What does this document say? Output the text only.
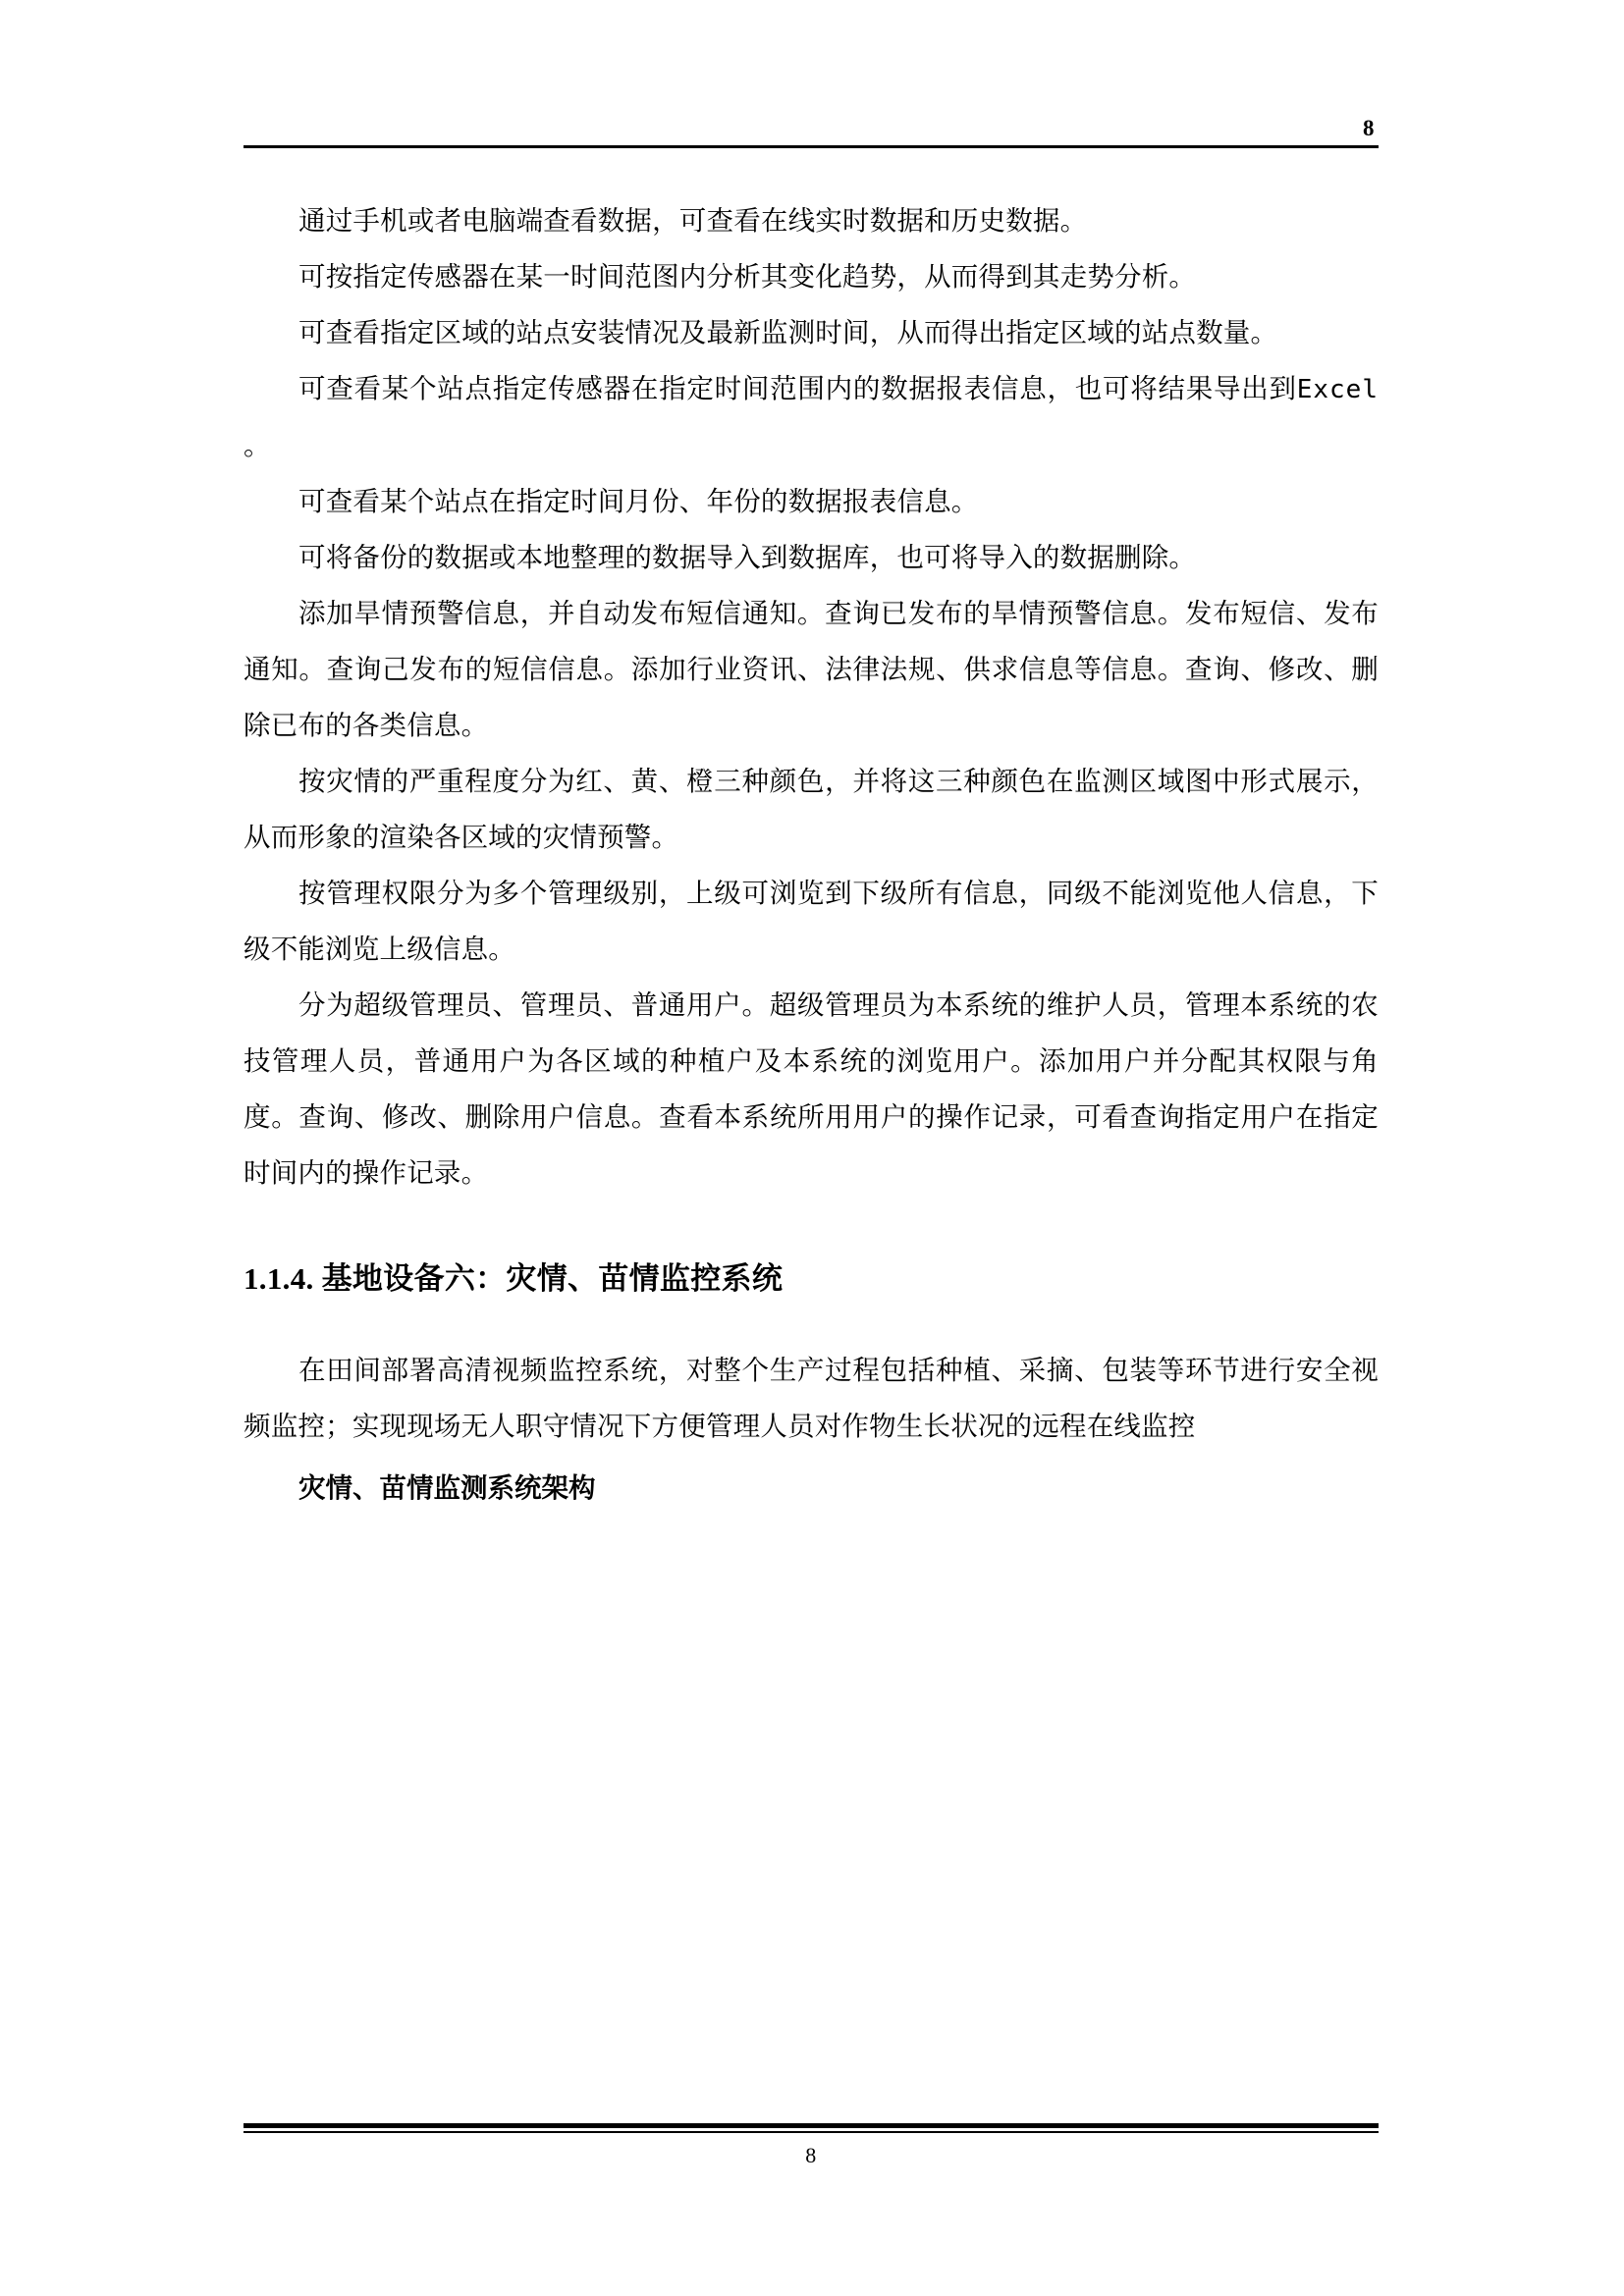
8

通过手机或者电脑端查看数据，可查看在线实时数据和历史数据。

可按指定传感器在某一时间范图内分析其变化趋势，从而得到其走势分析。

可查看指定区域的站点安装情况及最新监测时间，从而得出指定区域的站点数量。

可查看某个站点指定传感器在指定时间范围内的数据报表信息，也可将结果导出到Excel 。

可查看某个站点在指定时间月份、年份的数据报表信息。

可将备份的数据或本地整理的数据导入到数据库，也可将导入的数据删除。

添加旱情预警信息，并自动发布短信通知。查询已发布的旱情预警信息。发布短信、发布通知。查询己发布的短信信息。添加行业资讯、法律法规、供求信息等信息。查询、修改、删除已布的各类信息。

按灾情的严重程度分为红、黄、橙三种颜色，并将这三种颜色在监测区域图中形式展示，从而形象的渲染各区域的灾情预警。

按管理权限分为多个管理级别，上级可浏览到下级所有信息，同级不能浏览他人信息，下级不能浏览上级信息。

分为超级管理员、管理员、普通用户。超级管理员为本系统的维护人员，管理本系统的农技管理人员，普通用户为各区域的种植户及本系统的浏览用户。添加用户并分配其权限与角度。查询、修改、删除用户信息。查看本系统所用用户的操作记录，可看查询指定用户在指定时间内的操作记录。

1.1.4. 基地设备六：灾情、苗情监控系统

在田间部署高清视频监控系统，对整个生产过程包括种植、采摘、包装等环节进行安全视频监控；实现现场无人职守情况下方便管理人员对作物生长状况的远程在线监控

灾情、苗情监测系统架构

8
